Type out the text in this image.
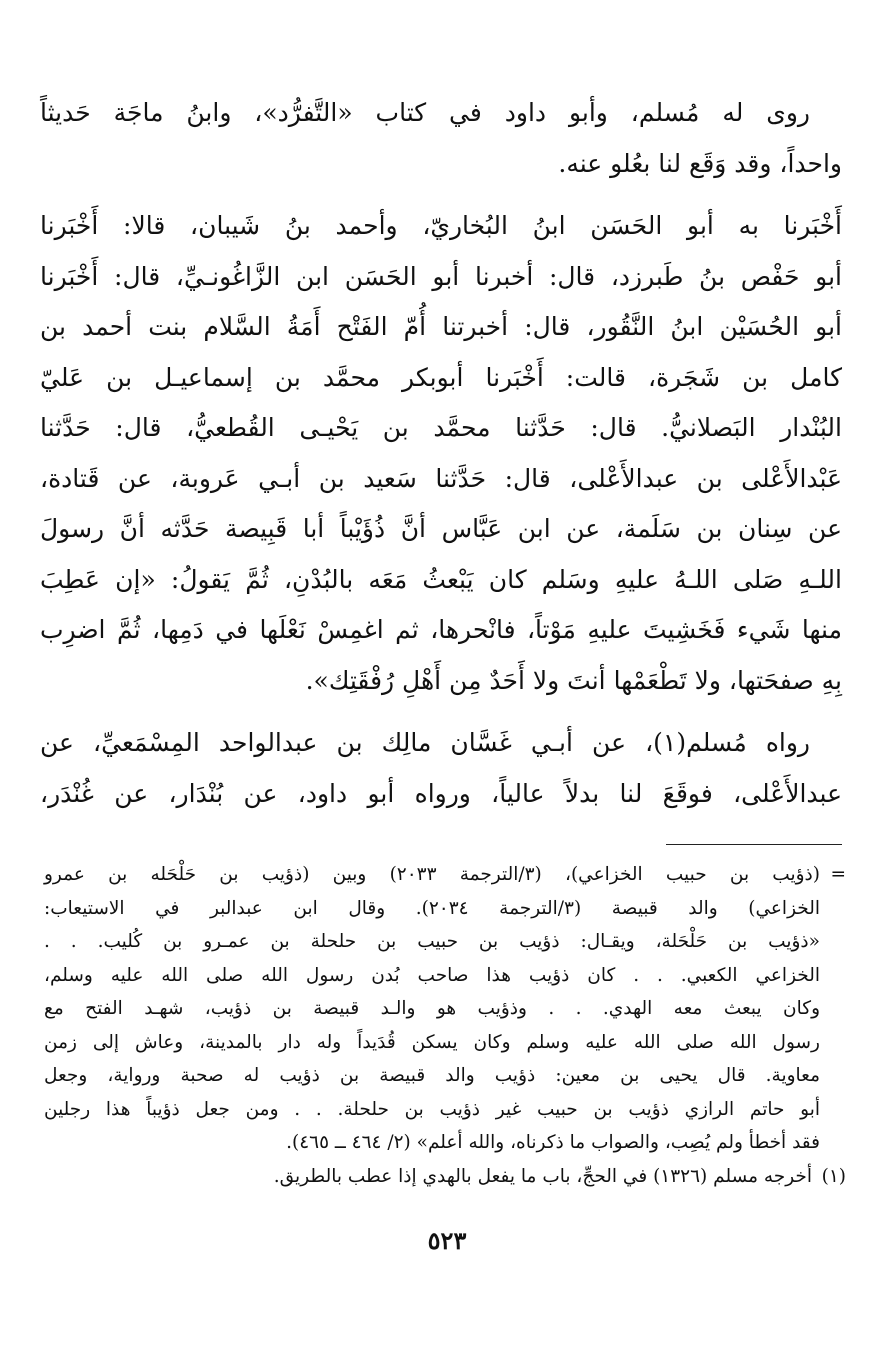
روى له مُسلم، وأبو داود في كتاب «التَّفرُّد»، وابنُ ماجَة حَديثاً
واحداً، وقد وَقَع لنا بعُلو عنه.

أَخْبَرنا به أبو الحَسَن ابنُ البُخاريّ، وأحمد بنُ شَيبان، قالا: أَخْبَرنا
أبو حَفْص بنُ طَبرزد، قال: أخبرنا أبو الحَسَن ابن الزَّاغُونـيِّ، قال: أَخْبَرنا
أبو الحُسَيْن ابنُ النَّقُور، قال: أخبرتنا أُمّ الفَتْح أَمَةُ السَّلام بنت أحمد بن
كامل بن شَجَرة، قالت: أَخْبَرنا أبوبكر محمَّد بن إسماعيـل بن عَليّ
البُنْدار البَصلانيُّ. قال: حَدَّثنا محمَّد بن يَحْيـى القُطعيُّ، قال: حَدَّثنا
عَبْدالأَعْلى بن عبدالأَعْلى، قال: حَدَّثنا سَعيد بن أبـي عَروبة، عن قَتادة،
عن سِنان بن سَلَمة، عن ابن عَبَّاس أنَّ ذُؤَيْباً أبا قَبِيصة حَدَّثه أنَّ رسولَ
اللـهِ صَلى اللـهُ عليهِ وسَلم كان يَبْعثُ مَعَه بالبُدْنِ، ثُمَّ يَقولُ: «إن عَطِبَ
منها شَيء فَخَشِيتَ عليهِ مَوْتاً، فانْحرها، ثم اغمِسْ نَعْلَها في دَمِها، ثُمَّ اضرِب
بِهِ صفحَتها، ولا تَطْعَمْها أنتَ ولا أَحَدٌ مِن أَهْلِ رُفْقَتِك».

رواه مُسلم(١)، عن أبـي غَسَّان مالِك بن عبدالواحد المِسْمَعيِّ، عن
عبدالأَعْلى، فوقَعَ لنا بدلاً عالياً، ورواه أبو داود، عن بُنْدَار، عن غُنْدَر،

=
(ذؤيب بن حبيب الخزاعي)، (٣/الترجمة ٢٠٣٣) وبين (ذؤيب بن حَلْحَله بن عمرو
الخزاعي) والد قبيصة (٣/الترجمة ٢٠٣٤). وقال ابن عبدالبر في الاستيعاب:
«ذؤيب بن حَلْحَلة، ويقـال: ذؤيب بن حبيب بن حلحلة بن عمـرو بن كُليب. . .
الخزاعي الكعبي. . . كان ذؤيب هذا صاحب بُدن رسول الله صلى الله عليه وسلم،
وكان يبعث معه الهدي. . . وذؤيب هو والـد قبيصة بن ذؤيب، شهـد الفتح مع
رسول الله صلى الله عليه وسلم وكان يسكن قُدَيداً وله دار بالمدينة، وعاش إلى زمن
معاوية. قال يحيى بن معين: ذؤيب والد قبيصة بن ذؤيب له صحبة ورواية، وجعل
أبو حاتم الرازي ذؤيب بن حبيب غير ذؤيب بن حلحلة. . . ومن جعل ذؤيباً هذا رجلين
فقد أخطأ ولم يُصِب، والصواب ما ذكرناه، والله أعلم» (٢/ ٤٦٤ ــ ٤٦٥).
(١)
أخرجه مسلم (١٣٢٦) في الحجِّ، باب ما يفعل بالهدي إذا عطب بالطريق.
٥٢٣
